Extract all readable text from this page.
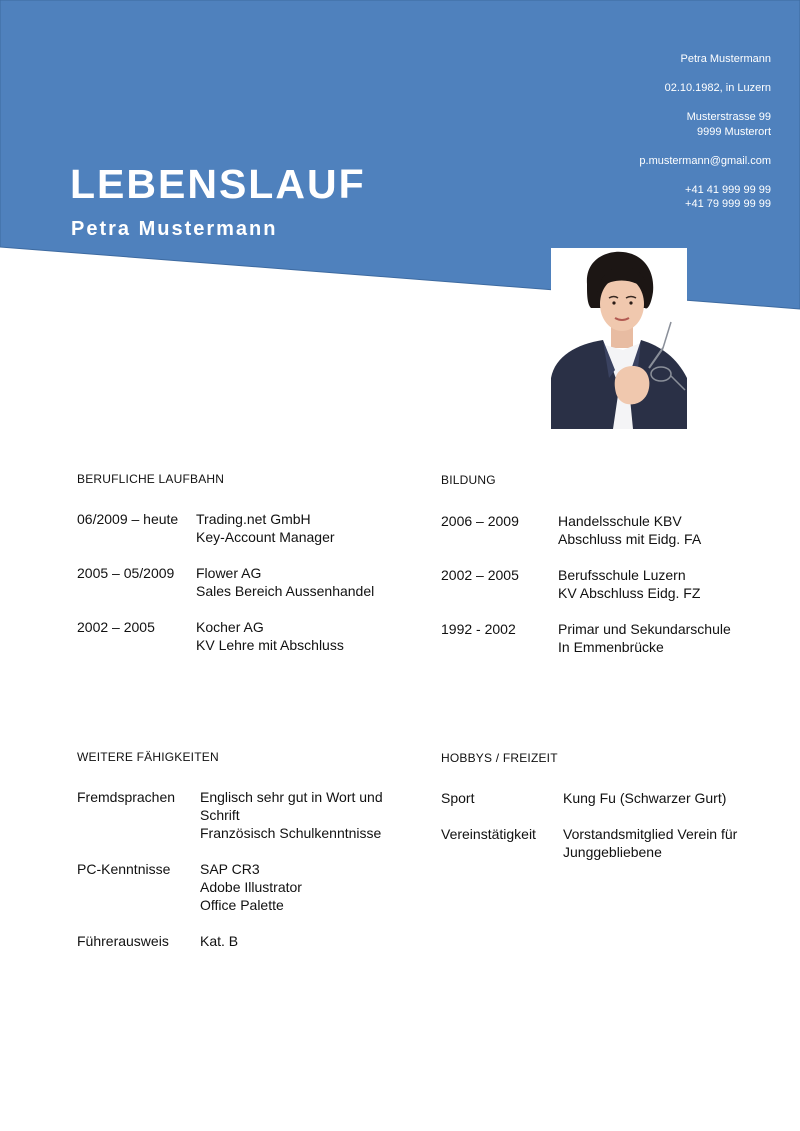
LEBENSLAUF
Petra Mustermann
Petra Mustermann
02.10.1982, in Luzern
Musterstrasse 99
9999 Musterort
p.mustermann@gmail.com
+41 41 999 99 99
+41 79 999 99 99
BERUFLICHE LAUFBAHN
06/2009 – heute Trading.net GmbH
Key-Account Manager
2005 – 05/2009 Flower AG
Sales Bereich Aussenhandel
2002 – 2005	Kocher AG
KV Lehre mit Abschluss
BILDUNG
2006 – 2009	Handelsschule KBV
Abschluss mit Eidg. FA
2002 – 2005	Berufsschule Luzern
KV Abschluss Eidg. FZ
1992 - 2002	Primar und Sekundarschule
In Emmenbrücke
WEITERE FÄHIGKEITEN
Fremdsprachen Englisch sehr gut in Wort und
Schrift
Französisch Schulkenntnisse
PC-Kenntnisse SAP CR3
Adobe Illustrator
Office Palette
Führerausweis Kat. B
HOBBYS / FREIZEIT
Sport	Kung Fu (Schwarzer Gurt)
Vereinstätigkeit Vorstandsmitglied Verein für
Junggebliebene
